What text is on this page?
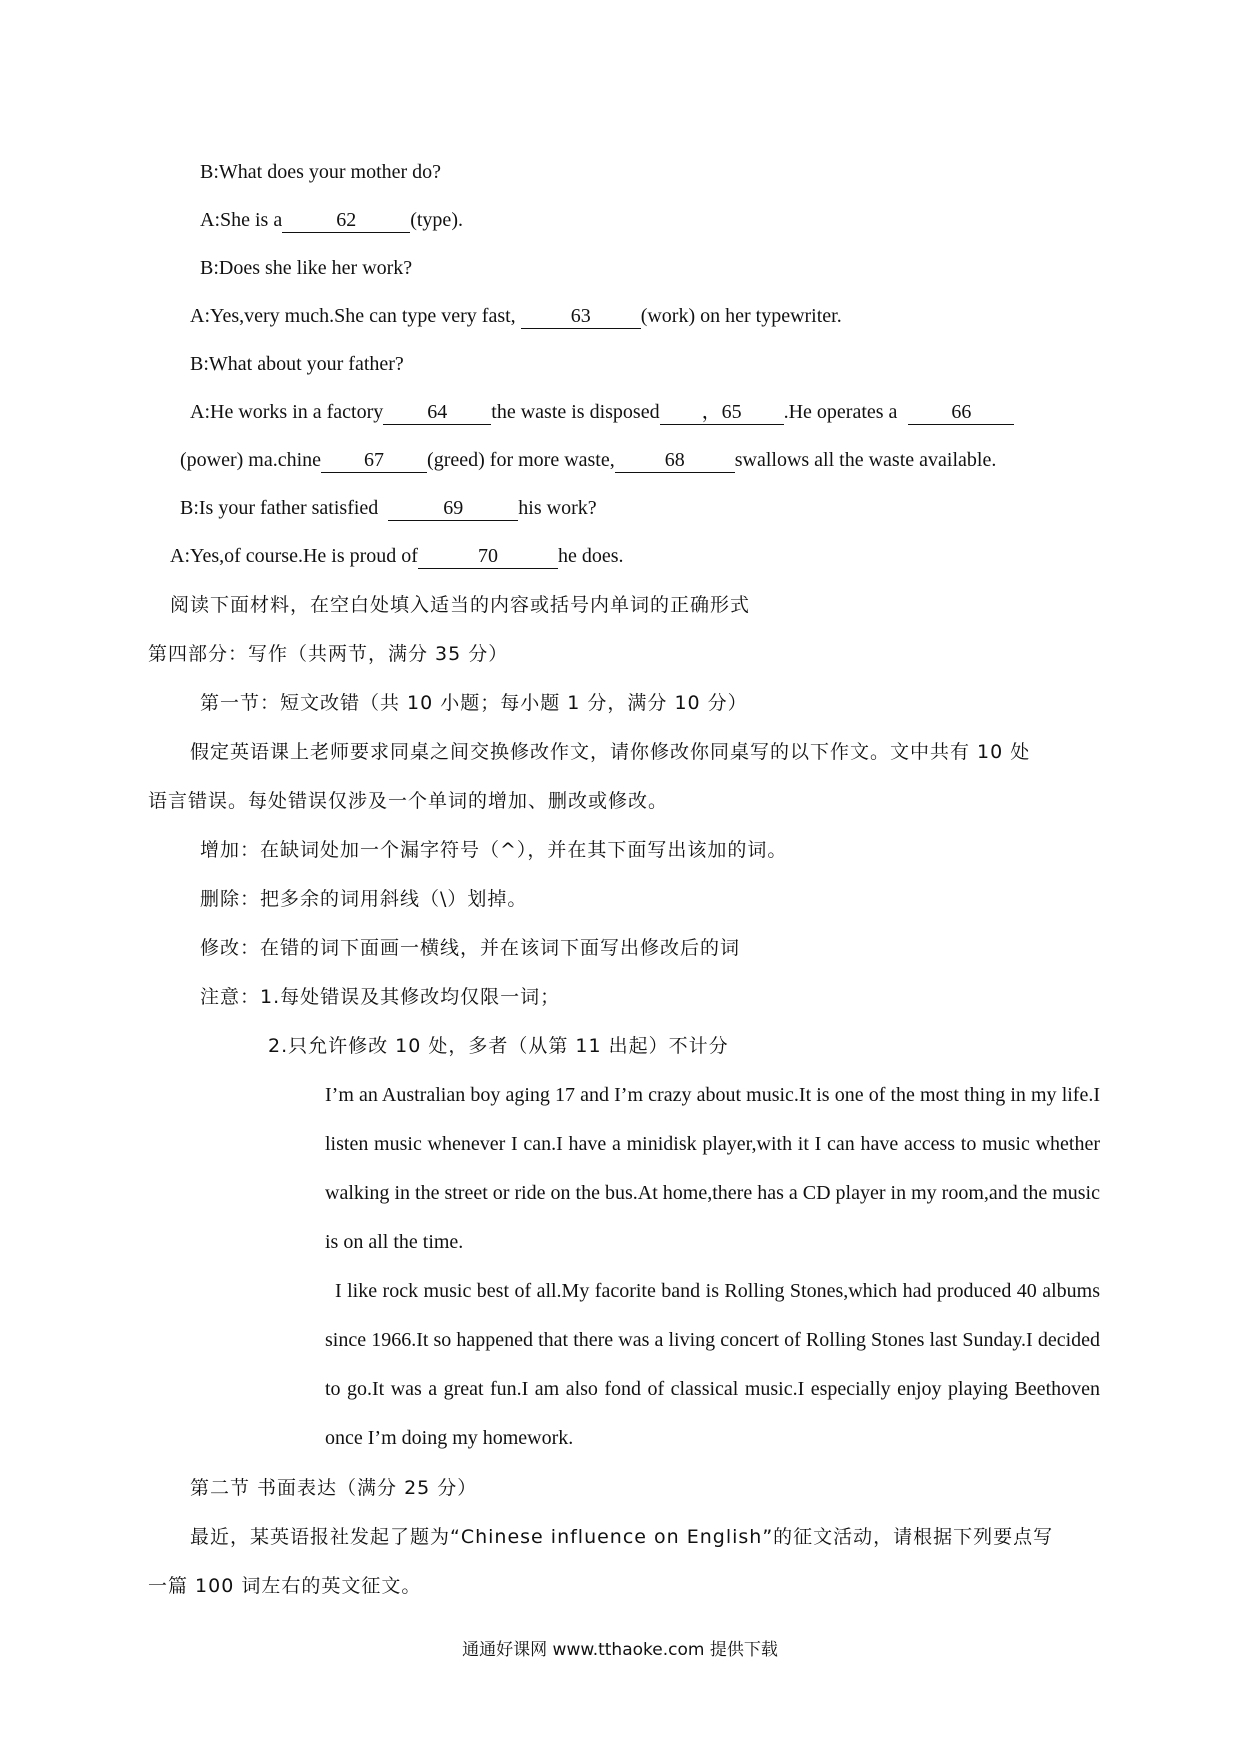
B:What does your mother do?
A:She is a	62	(type).
B:Does she like her work?
A:Yes,very much.She can type very fast,	63	(work) on her typewriter.
B:What about your father?
A:He works in a factory 64 the waste is disposed ，65 .He operates a	66
(power) ma.chine 67 (greed) for more waste,	68	swallows all the waste available.
B:Is your father satisfied	69	his work?
A:Yes,of course.He is proud of	70	he does.
阅读下面材料，在空白处填入适当的内容或括号内单词的正确形式
第四部分：写作（共两节，满分 35 分）
第一节：短文改错（共 10 小题；每小题 1 分，满分 10 分）
假定英语课上老师要求同桌之间交换修改作文，请你修改你同桌写的以下作文。文中共有 10 处
语言错误。每处错误仅涉及一个单词的增加、删改或修改。
增加：在缺词处加一个漏字符号（^），并在其下面写出该加的词。
删除：把多余的词用斜线（\）划掉。
修改：在错的词下面画一横线，并在该词下面写出修改后的词
注意：1.每处错误及其修改均仅限一词；
2.只允许修改 10 处，多者（从第 11 出起）不计分

I’m an Australian boy aging 17 and I’m crazy about music.It is one of the most thing in my life.I listen music whenever I can.I have a minidisk player,with it I can have access to music whether walking in the street or ride on the bus.At home,there has a CD player in my room,and the music is on all the time.

I like rock music best of all.My facorite band is Rolling Stones,which had produced 40 albums since 1966.It so happened that there was a living concert of Rolling Stones last Sunday.I decided to go.It was a great fun.I am also fond of classical music.I especially enjoy playing Beethoven once I’m doing my homework.

第二节 书面表达（满分 25 分）
最近，某英语报社发起了题为“Chinese influence on English”的征文活动，请根据下列要点写
一篇 100 词左右的英文征文。
通通好课网 www.tthaoke.com 提供下载
